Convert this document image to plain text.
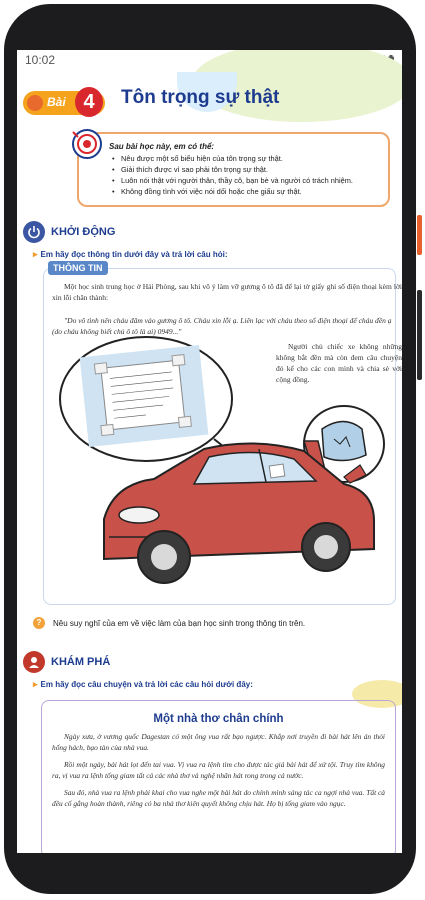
10:02
Bài 4	Tôn trọng sự thật
Sau bài học này, em có thể:
• Nêu được một số biểu hiện của tôn trọng sự thật.
• Giải thích được vì sao phải tôn trọng sự thật.
• Luôn nói thật với người thân, thầy cô, bạn bè và người có trách nhiệm.
• Không đồng tình với việc nói dối hoặc che giấu sự thật.
KHỞI ĐỘNG
▸ Em hãy đọc thông tin dưới đây và trả lời câu hỏi:
THÔNG TIN
Một học sinh trung học ở Hải Phòng, sau khi vô ý làm vỡ gương ô tô đã để lại tờ giấy ghi số điện thoại kèm lời xin lỗi chân thành:
"Do vô tình nên cháu đâm vào gương ô tô. Cháu xin lỗi ạ. Liên lạc với cháu theo số điện thoại để cháu đền ạ (do cháu không biết chủ ô tô là ai) 0949..."
Người chủ chiếc xe không những không bắt đền mà còn đem câu chuyện đó kể cho các con mình và chia sẻ với cộng đồng.
?	Nêu suy nghĩ của em về việc làm của bạn học sinh trong thông tin trên.
KHÁM PHÁ
▸ Em hãy đọc câu chuyện và trả lời các câu hỏi dưới đây:
Một nhà thơ chân chính

Ngày xưa, ở vương quốc Dagestan có một ông vua rất bạo ngược. Khắp nơi truyền đi bài hát lên án thói hống hách, bạo tàn của nhà vua.

Rồi một ngày, bài hát lọt đến tai vua. Vị vua ra lệnh tìm cho được tác giả bài hát để xử tội. Truy tìm không ra, vị vua ra lệnh tống giam tất cả các nhà thơ và nghệ nhân hát rong trong cả nước.

Sau đó, nhà vua ra lệnh phải khai cho vua nghe một bài hát do chính mình sáng tác ca ngợi nhà vua. Tất cả đều cố gắng hoàn thành, riêng có ba nhà thơ kiên quyết không chịu hát. Họ bị tống giam vào ngục.
